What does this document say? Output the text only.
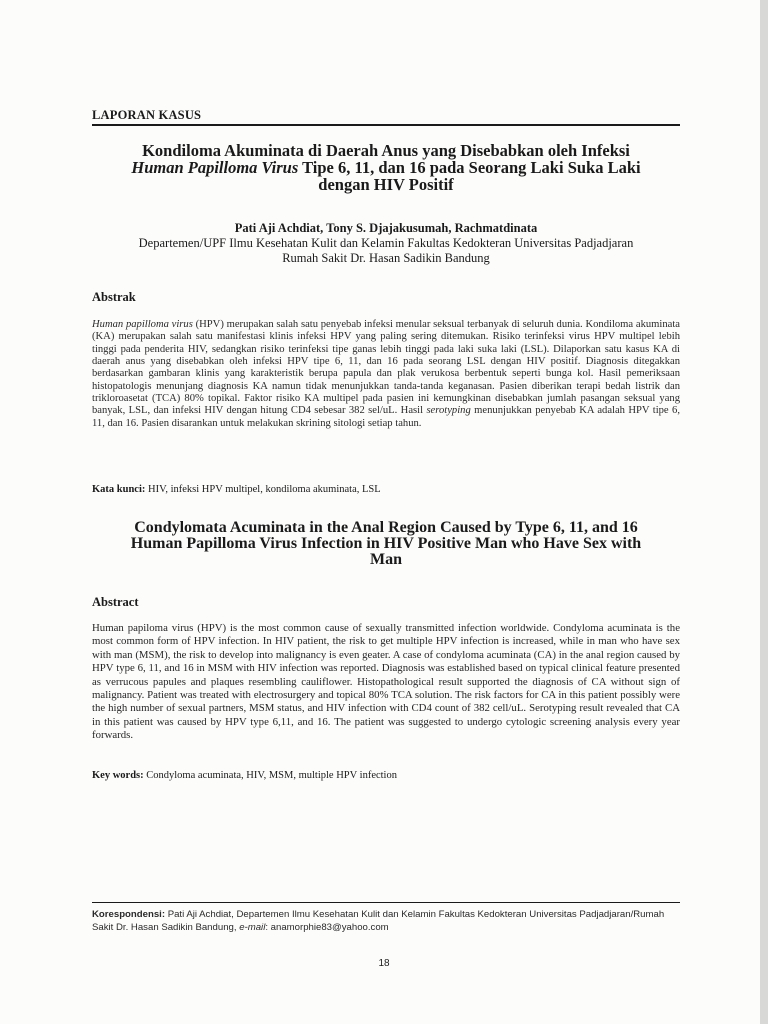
LAPORAN KASUS
Kondiloma Akuminata di Daerah Anus yang Disebabkan oleh Infeksi
Human Papilloma Virus Tipe 6, 11, dan 16 pada Seorang Laki Suka Laki
dengan HIV Positif
Pati Aji Achdiat, Tony S. Djajakusumah, Rachmatdinata
Departemen/UPF Ilmu Kesehatan Kulit dan Kelamin Fakultas Kedokteran Universitas Padjadjaran
Rumah Sakit Dr. Hasan Sadikin Bandung
Abstrak
Human papilloma virus (HPV) merupakan salah satu penyebab infeksi menular seksual terbanyak di seluruh dunia. Kondiloma akuminata (KA) merupakan salah satu manifestasi klinis infeksi HPV yang paling sering ditemukan. Risiko terinfeksi virus HPV multipel lebih tinggi pada penderita HIV, sedangkan risiko terinfeksi tipe ganas lebih tinggi pada laki suka laki (LSL). Dilaporkan satu kasus KA di daerah anus yang disebabkan oleh infeksi HPV tipe 6, 11, dan 16 pada seorang LSL dengan HIV positif. Diagnosis ditegakkan berdasarkan gambaran klinis yang karakteristik berupa papula dan plak verukosa berbentuk seperti bunga kol. Hasil pemeriksaan histopatologis menunjang diagnosis KA namun tidak menunjukkan tanda-tanda keganasan. Pasien diberikan terapi bedah listrik dan trikloroasetat (TCA) 80% topikal. Faktor risiko KA multipel pada pasien ini kemungkinan disebabkan jumlah pasangan seksual yang banyak, LSL, dan infeksi HIV dengan hitung CD4 sebesar 382 sel/uL. Hasil serotyping menunjukkan penyebab KA adalah HPV tipe 6, 11, dan 16. Pasien disarankan untuk melakukan skrining sitologi setiap tahun.
Kata kunci: HIV, infeksi HPV multipel, kondiloma akuminata, LSL
Condylomata Acuminata in the Anal Region Caused by Type 6, 11, and 16
Human Papilloma Virus Infection in HIV Positive Man who Have Sex with
Man
Abstract
Human papiloma virus (HPV) is the most common cause of sexually transmitted infection worldwide. Condyloma acuminata is the most common form of HPV infection. In HIV patient, the risk to get multiple HPV infection is increased, while in man who have sex with man (MSM), the risk to develop into malignancy is even geater. A case of condyloma acuminata (CA) in the anal region caused by HPV type 6, 11, and 16 in MSM with HIV infection was reported. Diagnosis was established based on typical clinical feature presented as verrucous papules and plaques resembling cauliflower. Histopathological result supported the diagnosis of CA without sign of malignancy. Patient was treated with electrosurgery and topical 80% TCA solution. The risk factors for CA in this patient possibly were the high number of sexual partners, MSM status, and HIV infection with CD4 count of 382 cell/uL. Serotyping result revealed that CA in this patient was caused by HPV type 6,11, and 16. The patient was suggested to undergo cytologic screening analysis every year forwards.
Key words: Condyloma acuminata, HIV, MSM, multiple HPV infection
Korespondensi: Pati Aji Achdiat, Departemen Ilmu Kesehatan Kulit dan Kelamin Fakultas Kedokteran Universitas Padjadjaran/Rumah Sakit Dr. Hasan Sadikin Bandung, e-mail: anamorphie83@yahoo.com
18
